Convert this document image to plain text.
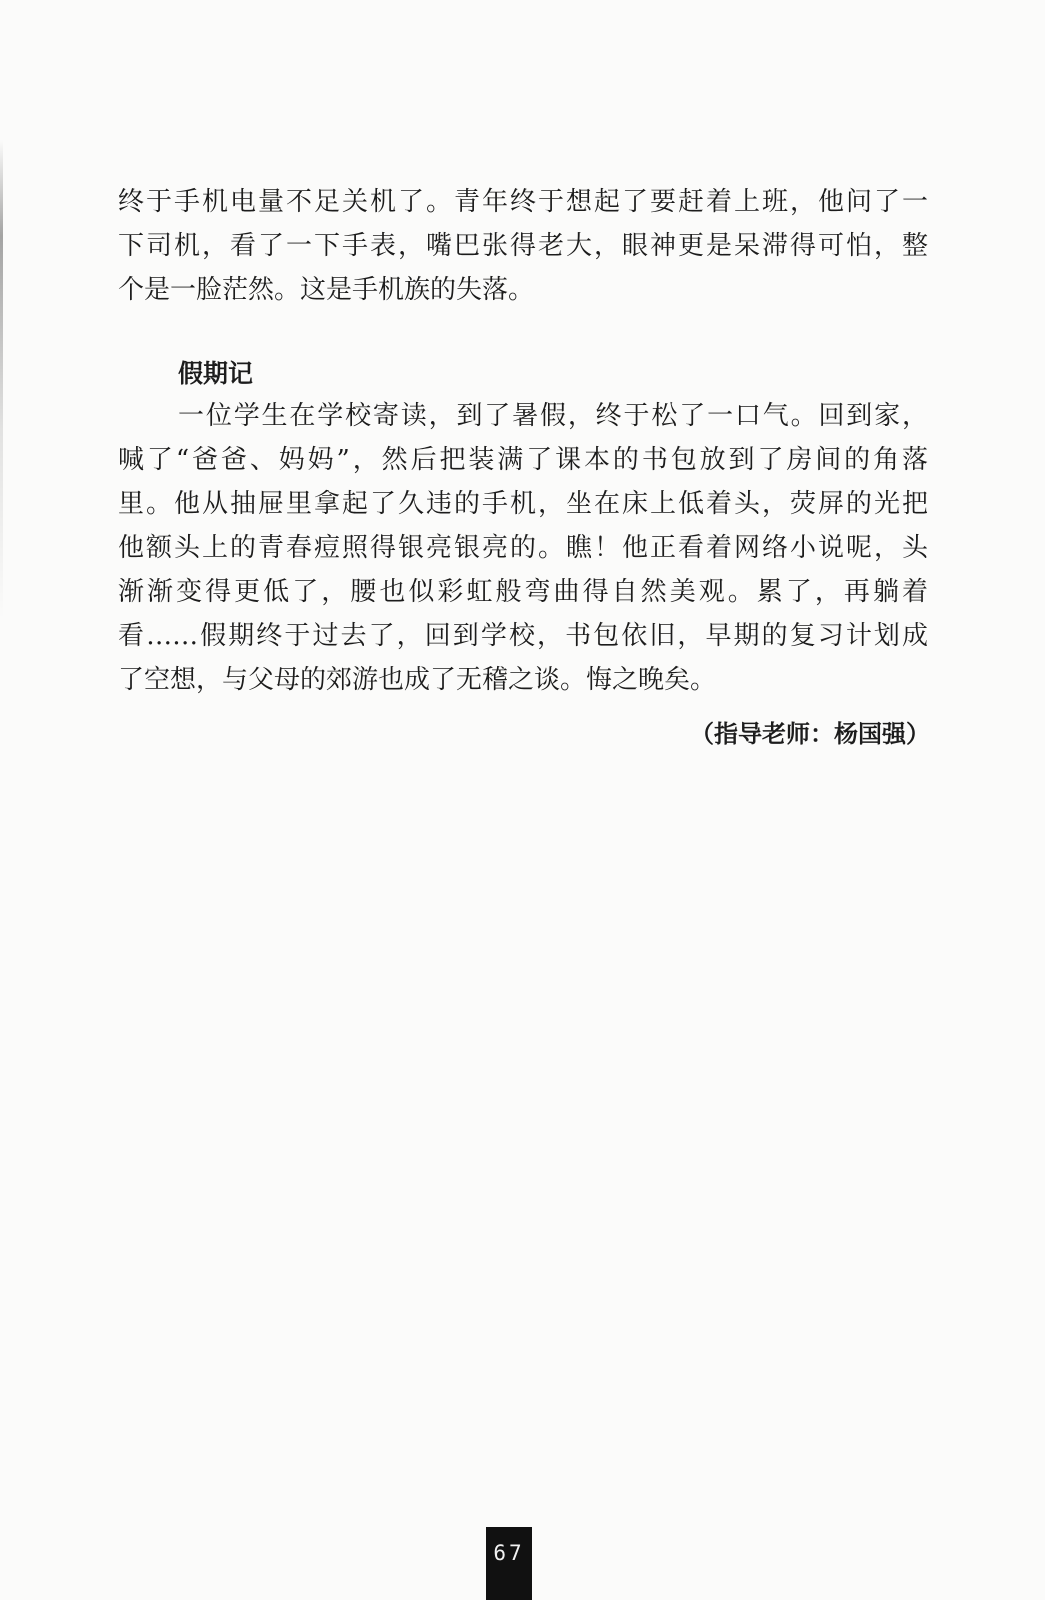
终于手机电量不足关机了。青年终于想起了要赶着上班，他问了一
下司机，看了一下手表，嘴巴张得老大，眼神更是呆滞得可怕，整
个是一脸茫然。这是手机族的失落。
假期记
一位学生在学校寄读，到了暑假，终于松了一口气。回到家，
喊了“爸爸、妈妈”，然后把装满了课本的书包放到了房间的角落
里。他从抽屉里拿起了久违的手机，坐在床上低着头，荧屏的光把
他额头上的青春痘照得银亮银亮的。瞧！他正看着网络小说呢，头
渐渐变得更低了，腰也似彩虹般弯曲得自然美观。累了，再躺着
看……假期终于过去了，回到学校，书包依旧，早期的复习计划成
了空想，与父母的郊游也成了无稽之谈。悔之晚矣。
（指导老师：杨国强）
67
